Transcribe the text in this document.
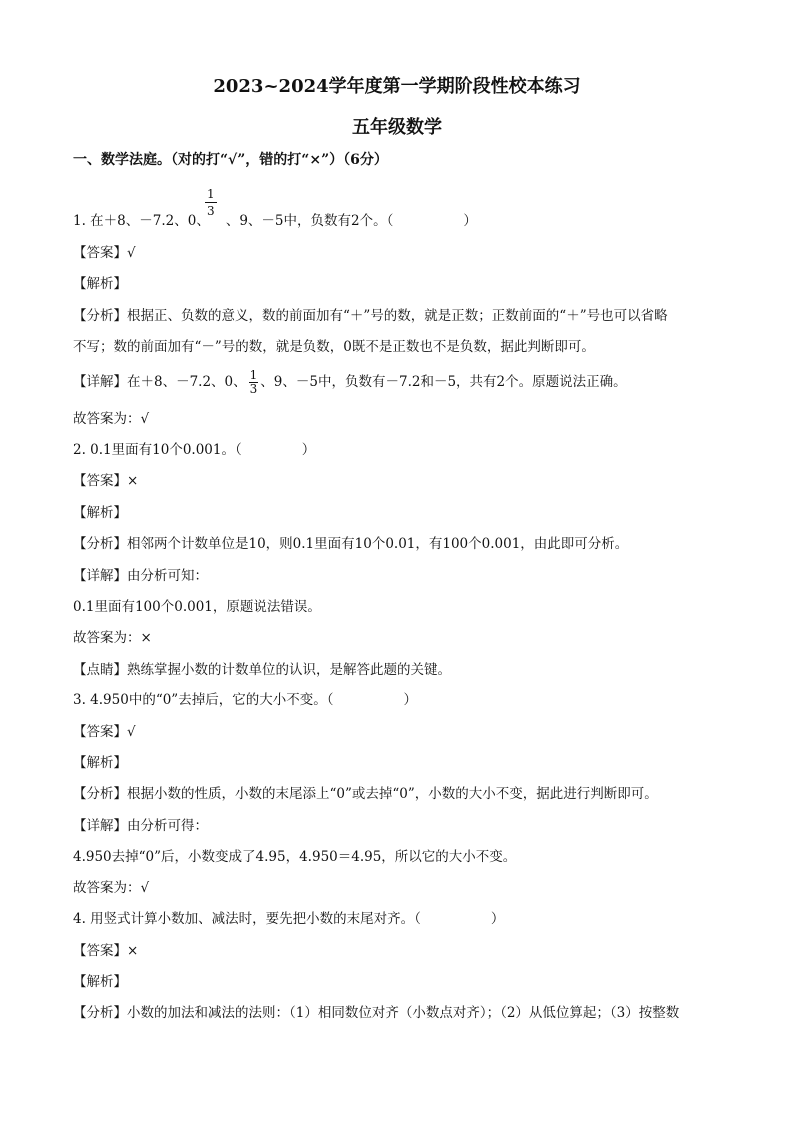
2023~2024学年度第一学期阶段性校本练习
五年级数学
一、数学法庭。（对的打“√”，错的打“×”）（6分）
$\frac{1}{3}$
1. 在＋8、－7.2、0、 、9、－5中，负数有2个。（	）
【答案】√
【解析】
【分析】根据正、负数的意义，数的前面加有“＋”号的数，就是正数；正数前面的“＋”号也可以省略
不写；数的前面加有“－”号的数，就是负数，0既不是正数也不是负数，据此判断即可。
【详解】在＋8、－7.2、0、 $\frac{1}{3}$ 、9、－5中，负数有－7.2和－5，共有2个。原题说法正确。
故答案为：√
2. 0.1里面有10个0.001。（	）
【答案】×
【解析】
【分析】相邻两个计数单位是10，则0.1里面有10个0.01，有100个0.001，由此即可分析。
【详解】由分析可知：
0.1里面有100个0.001，原题说法错误。
故答案为：×
【点睛】熟练掌握小数的计数单位的认识，是解答此题的关键。
3. 4.950中的“0”去掉后，它的大小不变。（	）
【答案】√
【解析】
【分析】根据小数的性质，小数的末尾添上“0”或去掉“0”，小数的大小不变，据此进行判断即可。
【详解】由分析可得：
4.950去掉“0”后，小数变成了4.95，4.950＝4.95，所以它的大小不变。
故答案为：√
4. 用竖式计算小数加、减法时，要先把小数的末尾对齐。（	）
【答案】×
【解析】
【分析】小数的加法和减法的法则：（1）相同数位对齐（小数点对齐）；（2）从低位算起；（3）按整数
